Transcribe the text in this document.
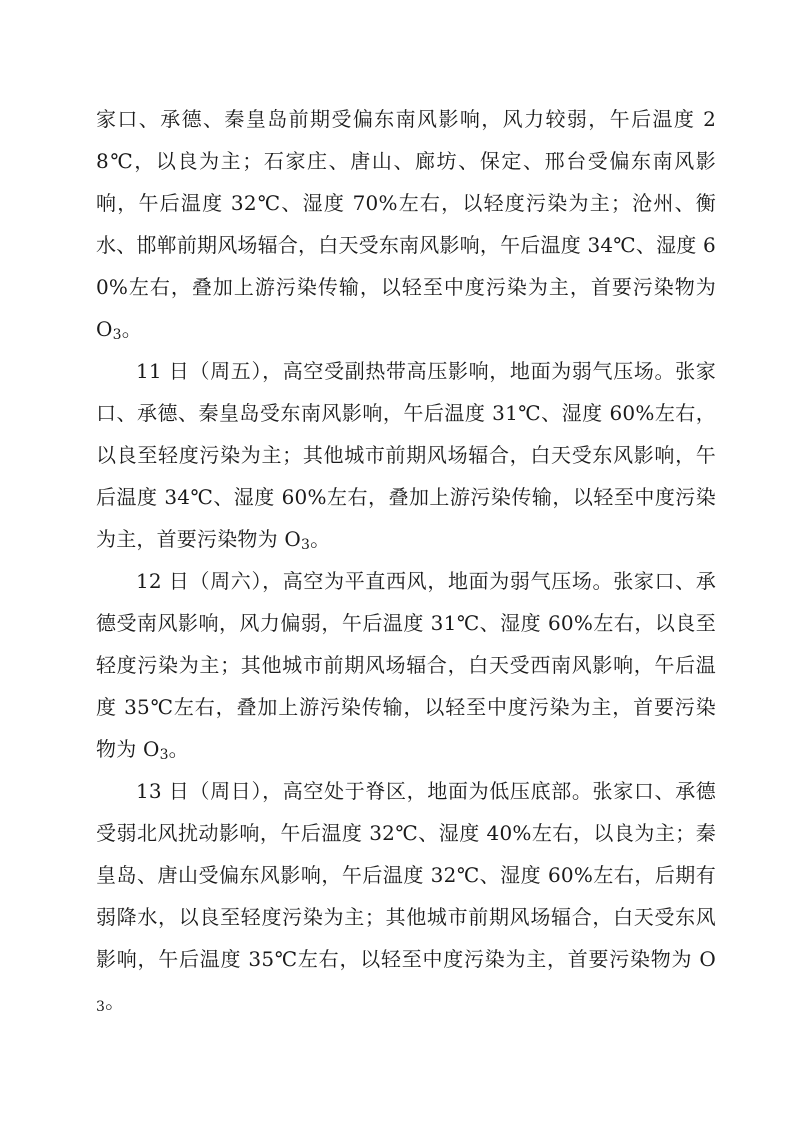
家口、承德、秦皇岛前期受偏东南风影响，风力较弱，午后温度 28℃，以良为主；石家庄、唐山、廊坊、保定、邢台受偏东南风影响，午后温度 32℃、湿度 70%左右，以轻度污染为主；沧州、衡水、邯郸前期风场辐合，白天受东南风影响，午后温度 34℃、湿度 60%左右，叠加上游污染传输，以轻至中度污染为主，首要污染物为 $O_3$。

11 日（周五），高空受副热带高压影响，地面为弱气压场。张家口、承德、秦皇岛受东南风影响，午后温度 31℃、湿度 60%左右，以良至轻度污染为主；其他城市前期风场辐合，白天受东风影响，午后温度 34℃、湿度 60%左右，叠加上游污染传输，以轻至中度污染为主，首要污染物为 $O_3$。

12 日（周六），高空为平直西风，地面为弱气压场。张家口、承德受南风影响，风力偏弱，午后温度 31℃、湿度 60%左右，以良至轻度污染为主；其他城市前期风场辐合，白天受西南风影响，午后温度 35℃左右，叠加上游污染传输，以轻至中度污染为主，首要污染物为 $O_3$。

13 日（周日），高空处于脊区，地面为低压底部。张家口、承德受弱北风扰动影响，午后温度 32℃、湿度 40%左右，以良为主；秦皇岛、唐山受偏东风影响，午后温度 32℃、湿度 60%左右，后期有弱降水，以良至轻度污染为主；其他城市前期风场辐合，白天受东风影响，午后温度 35℃左右，以轻至中度污染为主，首要污染物为 $O_3$。
